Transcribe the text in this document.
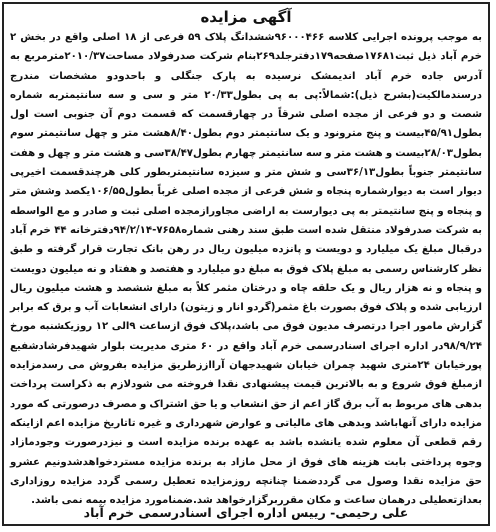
آگهی مزایده

به موجب پرونده اجرایی کلاسه ۹۶۰۰۰۴۶۶ششدانگ پلاک ۵۹ فرعی از ۱۸ اصلی واقع در بخش ۲ خرم آباد ذیل ثبت۱۷۶۸۱صفحه۱۷۹دفترجلد۲۶۹بنام شرکت صدرفولاد مساحت۲۰۱۰/۳۷مترمربع به آدرس جاده خرم آباد اندیمشک نرسیده به پارک جنگلی و باحدودو مشخصات مندرج درسندمالکیت(بشرح ذیل):شمالاً:پی به پی بطول۲۰/۳۳ متر و سی و سه سانتیمتربه شماره شصت و دو فرعی از مجده اصلی شرقاً در چهارقسمت که قسمت دوم آن جنوبی است اول بطول۴۵/۹۱بیست و پنج مترونود و یک سانتیمتر دوم بطول۸/۴۰هشت متر و چهل سانتیمتر سوم بطول۲۸/۰۳بیست و هشت متر و سه سانتیمتر چهارم بطول۳۸/۴۷سی و هشت متر و چهل و هفت سانتیمتر جنوباً بطول۳۶/۱۳سی و شش متر و سیزده سانتیمتربطور کلی هرچندقسمت اخیرپی دیوار است به دیوارشماره پنجاه و شش فرعی از مجده اصلی غرباً بطول۱۰۶/۵۵یکصد وشش متر و پنجاه و پنج سانتیمتر به پی دیوارست به اراضی مجاورازمجده اصلی ثبت و صادر و مع الواسطه به شرکت صدرفولاد منتقل شده است طبق سند رهنی شماره۷۶۵۸-۹۴/۲/۱۴دفترخانه ۴۴ خرم آباد درقبال مبلغ یک میلیارد و دویست و پانزده میلیون ریال در رهن بانک تجارت قرار گرفته و طبق نظر کارشناس رسمی به مبلغ پلاک فوق به مبلغ دو میلیارد و هفتصد و هفتاد و نه میلیون دویست و پنجاه و نه هزار ریال و یک حلقه چاه و درختان مثمر کلاً به مبلغ ششصد و هشت میلیون ریال ارزیابی شده و پلاک فوق بصورت باغ مثمر(گردو انار و زیتون) دارای انشعابات آب و برق که برابر گزارش مامور اجرا درتصرف مدیون فوق می باشد،پلاک فوق ازساعت ۹الی ۱۲ روزیکشنبه مورخ ۹۸/۹/۲۴در اداره اجرای اسنادرسمی خرم آباد واقع در ۶۰ متری مدیریت بلوار شهیدفرشادشفیع پورخیابان ۲۴متری شهید چمران خیابان شهیدجهان آرااززطریق مزایده بفروش می رسدمزایده ازمبلغ فوق شروع و به بالاترین قیمت پیشنهادی نقدا فروخته می شودلازم به ذکراست پرداخت بدهی های مربوط به آب برق گاز اعم از حق انشعاب و یا حق اشتراک و مصرف درصورتی که مورد مزایده دارای آنهاباشد وبدهی های مالیاتی و عوارض شهرداری و غیره تاتاریخ مزایده اعم ازاینکه رقم قطعی آن معلوم شده یانشده باشد به عهده برنده مزایده است و نیزدرصورت وجودمازاد وجوه پرداختی بابت هزینه های فوق از محل مازاد به برنده مزایده مستردخواهدشدونیم عشرو حق مزایده نقدا وصول می گرددضمنا چنانچه روزمزایده تعطیل رسمی گردد مزایده روزاداری بعدازتعطیلی درهمان ساعت و مکان مقرربرگزارخواهد شد.ضمنامورد مزایده بیمه نمی باشد.

علی رحیمی- رییس اداره اجرای اسنادرسمی خرم آباد
